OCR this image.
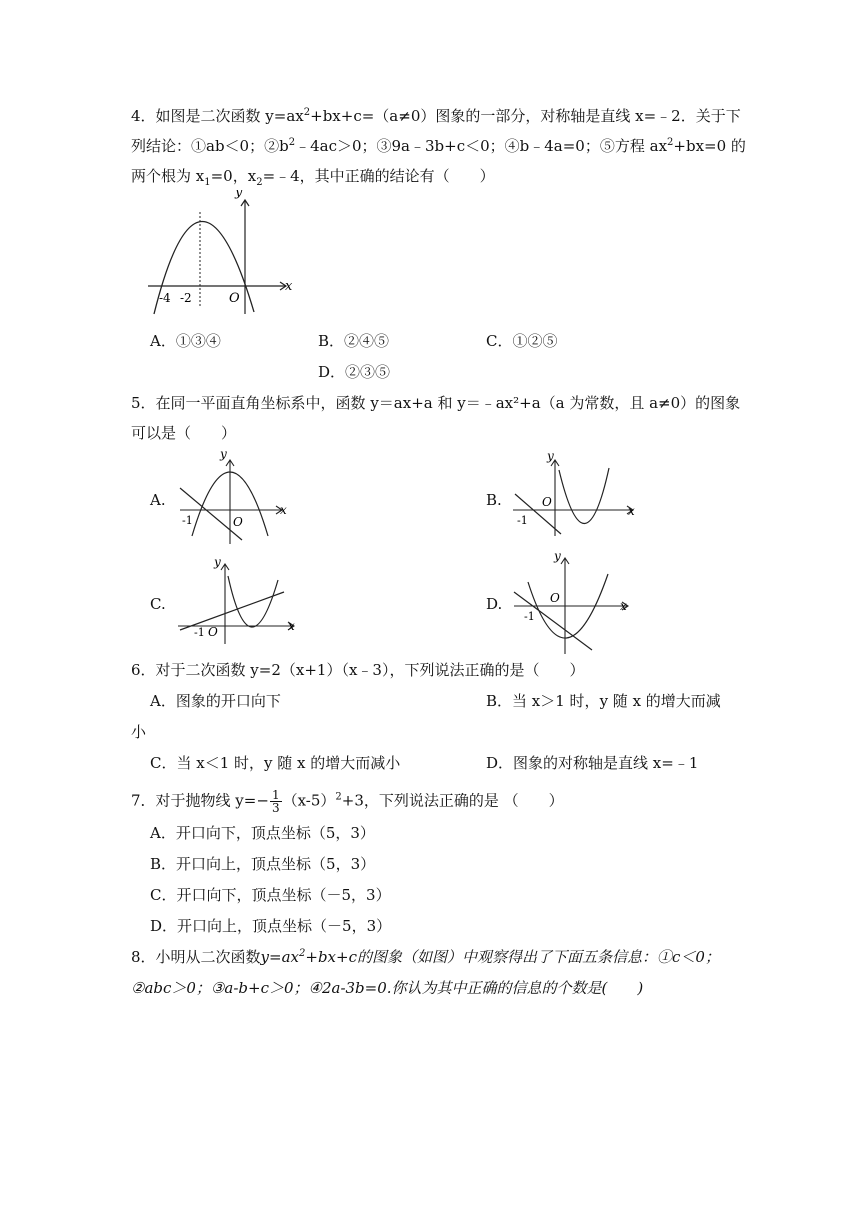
4．如图是二次函数 $y=ax^2+bx+c=(a\ne 0)$图象的一部分，对称轴是直线 x=﹣2．关于下
列结论：①ab＜0；$②b^2﹣4ac>0$；③9a﹣3b+c＜0；④b﹣4a=0；⑤方程 $ax^2+bx=0$ 的
两个根为 $x_1=0$，$x_2=﹣4$，其中正确的结论有（　　）
y
x
O
-4 -2
A．①③④	B．②④⑤	C．①②⑤
D．②③⑤
5．在同一平面直角坐标系中，函数 y＝ax+a 和 y＝﹣ax²+a（a 为常数，且 a≠0）的图象
可以是（　　）
A.
y
x
O
-1
B.
y
x
O
-1
C.
y
x
O
-1
D.
y
x
O
-1
6．对于二次函数 y=2（x+1）（x﹣3），下列说法正确的是（　　）
A．图象的开口向下	B．当 x＞1 时，y 随 x 的增大而减
小
C．当 x＜1 时，y 随 x 的增大而减小	D．图象的对称轴是直线 x=﹣1
7．对于抛物线 $y=- \frac{1}{3} (x-5)^2+3$，下列说法正确的是 （　　）
A．开口向下，顶点坐标（5，3）
B．开口向上，顶点坐标（5，3）
C．开口向下，顶点坐标（－5，3）
D．开口向上，顶点坐标（－5，3）
8．小明从二次函数$y=ax^2+bx+c$的图象（如图）中观察得出了下面五条信息：①c＜0；
②abc＞0；③a-b+c＞0；④2a-3b=0.你认为其中正确的信息的个数是(　　)
